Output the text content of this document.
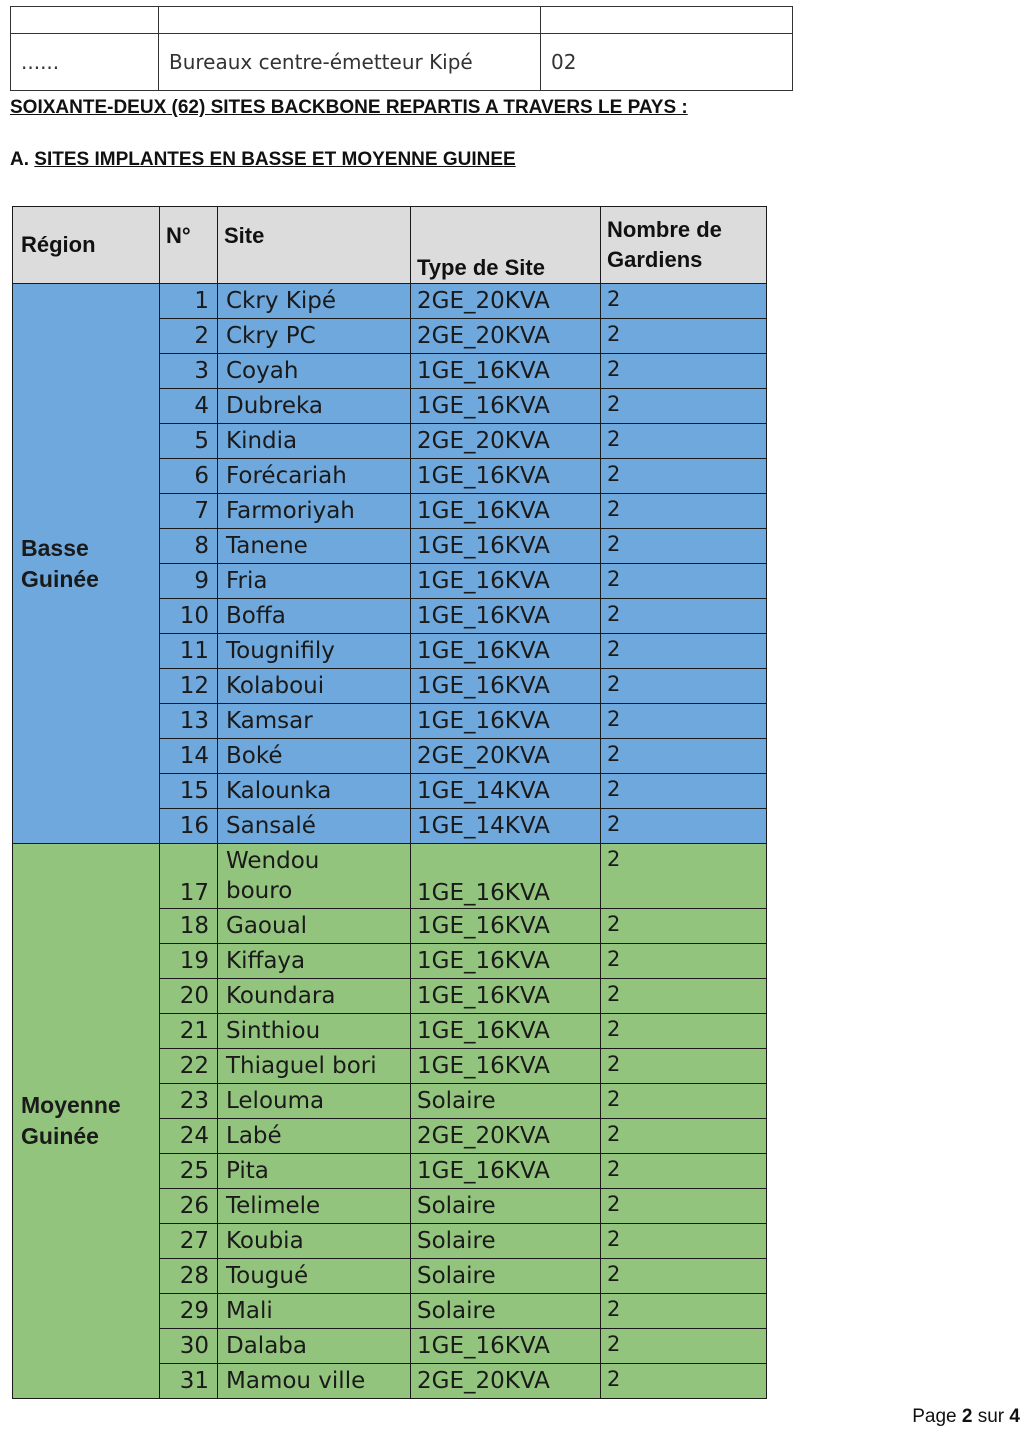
......	Bureaux centre-émetteur Kipé	02

SOIXANTE-DEUX (62) SITES BACKBONE REPARTIS A TRAVERS LE PAYS :

A. SITES IMPLANTES EN BASSE ET MOYENNE GUINEE

Région	N°	Site	Type de Site	Nombre de
Gardiens
Basse
Guinée	1	Ckry Kipé	2GE_20KVA	2
	2	Ckry PC	2GE_20KVA	2
	3	Coyah	1GE_16KVA	2
	4	Dubreka	1GE_16KVA	2
	5	Kindia	2GE_20KVA	2
	6	Forécariah	1GE_16KVA	2
	7	Farmoriyah	1GE_16KVA	2
	8	Tanene	1GE_16KVA	2
	9	Fria	1GE_16KVA	2
	10	Boffa	1GE_16KVA	2
	11	Tougnifily	1GE_16KVA	2
	12	Kolaboui	1GE_16KVA	2
	13	Kamsar	1GE_16KVA	2
	14	Boké	2GE_20KVA	2
	15	Kalounka	1GE_14KVA	2
	16	Sansalé	1GE_14KVA	2
Moyenne
Guinée	17	Wendou
bouro	1GE_16KVA	2
	18	Gaoual	1GE_16KVA	2
	19	Kiffaya	1GE_16KVA	2
	20	Koundara	1GE_16KVA	2
	21	Sinthiou	1GE_16KVA	2
	22	Thiaguel bori	1GE_16KVA	2
	23	Lelouma	Solaire	2
	24	Labé	2GE_20KVA	2
	25	Pita	1GE_16KVA	2
	26	Telimele	Solaire	2
	27	Koubia	Solaire	2
	28	Tougué	Solaire	2
	29	Mali	Solaire	2
	30	Dalaba	1GE_16KVA	2
	31	Mamou ville	2GE_20KVA	2
Page 2 sur 4
